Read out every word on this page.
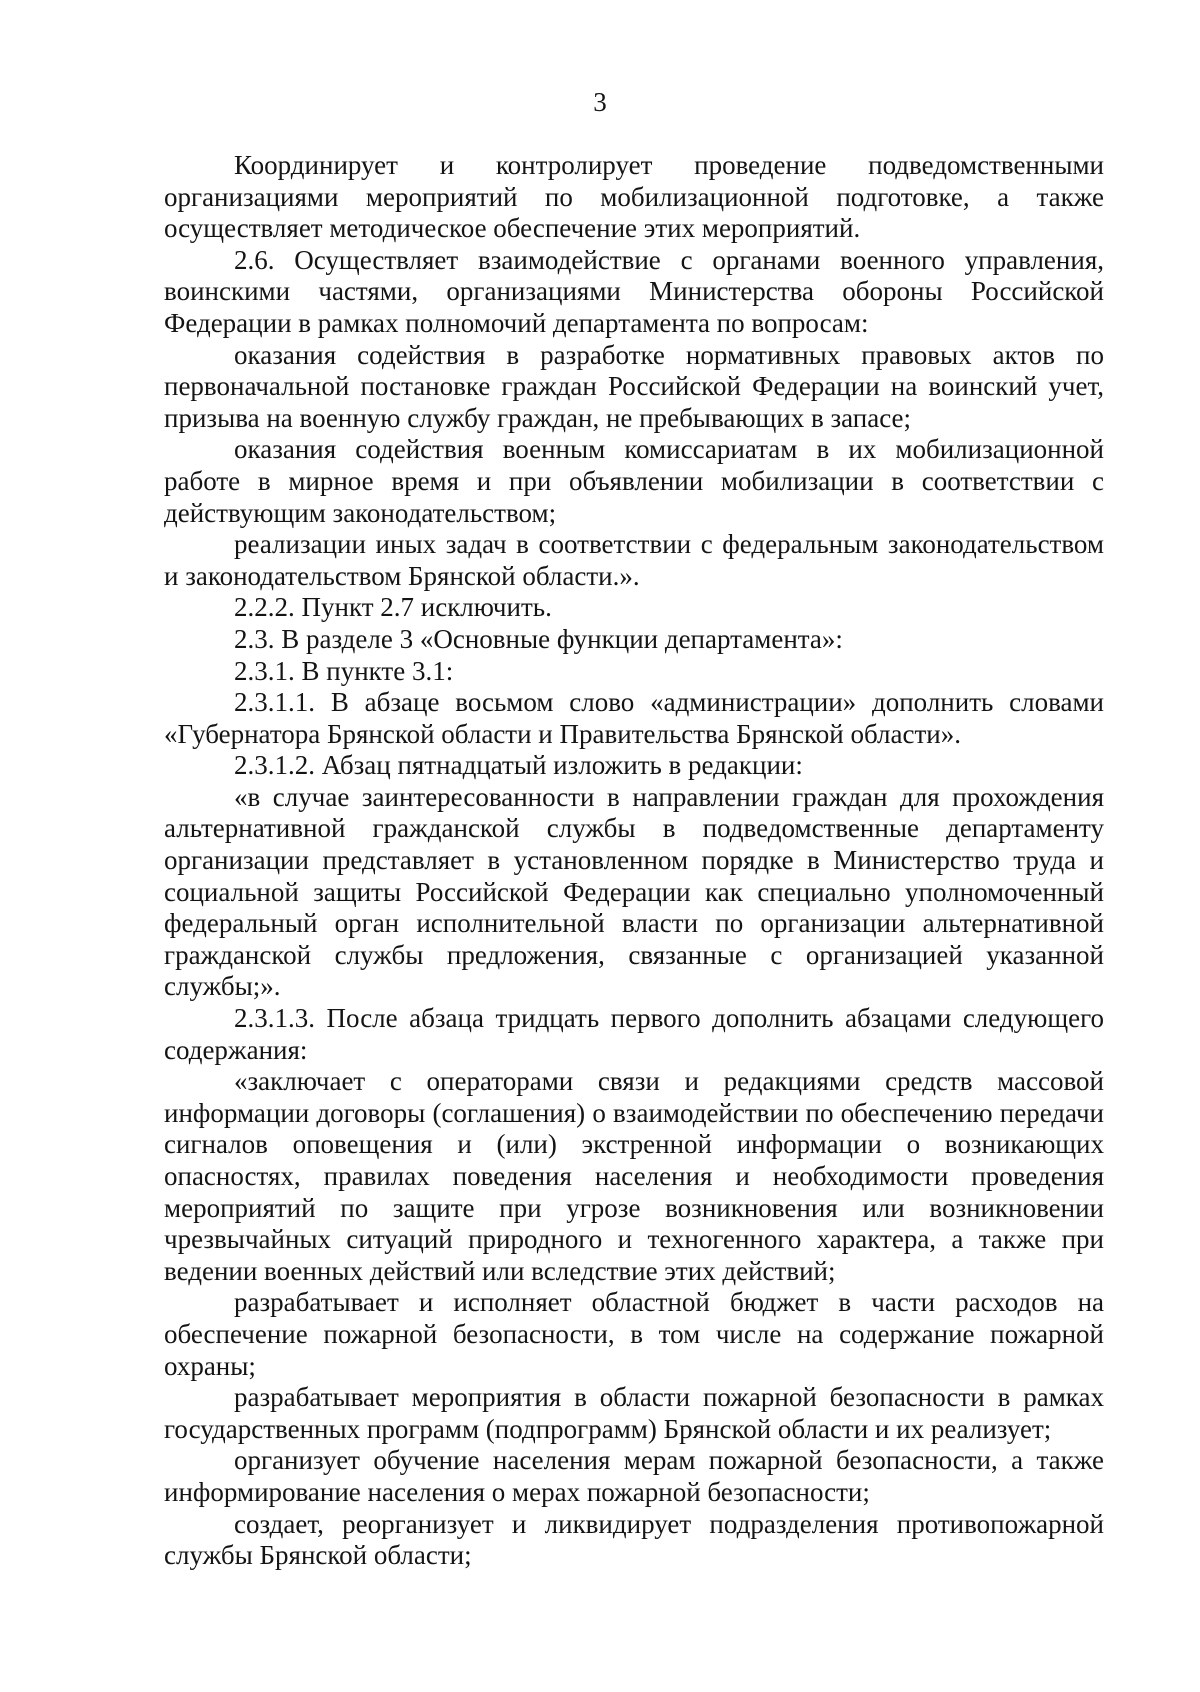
3

Координирует и контролирует проведение подведомственными организациями мероприятий по мобилизационной подготовке, а также осуществляет методическое обеспечение этих мероприятий.

2.6. Осуществляет взаимодействие с органами военного управления, воинскими частями, организациями Министерства обороны Российской Федерации в рамках полномочий департамента по вопросам:

оказания содействия в разработке нормативных правовых актов по первоначальной постановке граждан Российской Федерации на воинский учет, призыва на военную службу граждан, не пребывающих в запасе;

оказания содействия военным комиссариатам в их мобилизационной работе в мирное время и при объявлении мобилизации в соответствии с действующим законодательством;

реализации иных задач в соответствии с федеральным законодательством и законодательством Брянской области.».

2.2.2. Пункт 2.7 исключить.

2.3. В разделе 3 «Основные функции департамента»:

2.3.1. В пункте 3.1:

2.3.1.1. В абзаце восьмом слово «администрации» дополнить словами «Губернатора Брянской области и Правительства Брянской области».

2.3.1.2. Абзац пятнадцатый изложить в редакции:

«в случае заинтересованности в направлении граждан для прохождения альтернативной гражданской службы в подведомственные департаменту организации представляет в установленном порядке в Министерство труда и социальной защиты Российской Федерации как специально уполномоченный федеральный орган исполнительной власти по организации альтернативной гражданской службы предложения, связанные с организацией указанной службы;».

2.3.1.3. После абзаца тридцать первого дополнить абзацами следующего содержания:

«заключает с операторами связи и редакциями средств массовой информации договоры (соглашения) о взаимодействии по обеспечению передачи сигналов оповещения и (или) экстренной информации о возникающих опасностях, правилах поведения населения и необходимости проведения мероприятий по защите при угрозе возникновения или возникновении чрезвычайных ситуаций природного и техногенного характера, а также при ведении военных действий или вследствие этих действий;

разрабатывает и исполняет областной бюджет в части расходов на обеспечение пожарной безопасности, в том числе на содержание пожарной охраны;

разрабатывает мероприятия в области пожарной безопасности в рамках государственных программ (подпрограмм) Брянской области и их реализует;

организует обучение населения мерам пожарной безопасности, а также информирование населения о мерах пожарной безопасности;

создает, реорганизует и ликвидирует подразделения противопожарной службы Брянской области;
